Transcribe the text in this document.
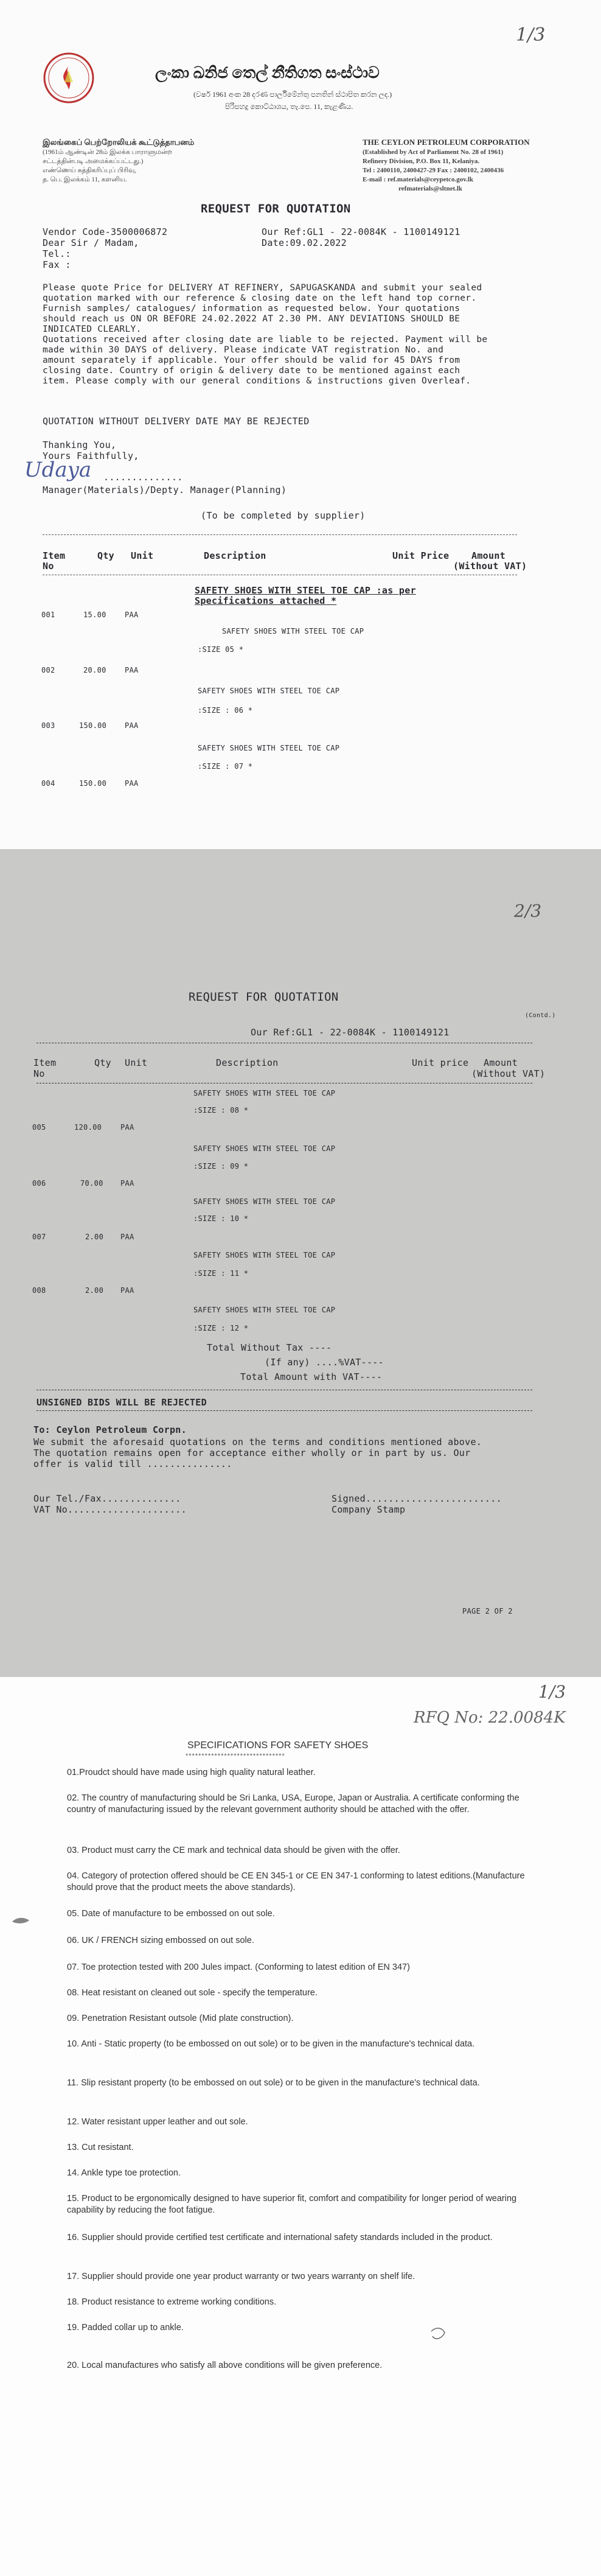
1/3
ලංකා ඛනිජ තෙල් නීතිගත සංස්ථාව
(වර්ෂ 1961 අංක 28 දරණ පාර්ලිමේන්තු පනතින් ස්ථාපිත කරන ලද.)
පිරිපහදු කොට්ඨාශය, තැ.පෙ. 11, කැළණිය.
இலங்கைப் பெற்றோலியக் கூட்டுத்தாபனம்
(1961ம் ஆண்டின் 28ம் இலக்க பாராளுமன்ற
சட்டத்தின்படி அமைக்கப்பட்டது.)
எண்ணெய் சுத்திகரிப்புப் பிரிவு,
த. பெ. இலக்கம் 11, களனிய.
THE CEYLON PETROLEUM CORPORATION
(Established by Act of Parliament No. 28 of 1961)
Refinery Division, P.O. Box 11, Kelaniya.
Tel : 2400110, 2400427-29 Fax : 2400102, 2400436
E-mail : ref.materials@ceypetco.gov.lk
refmaterials@sltnet.lk
REQUEST FOR QUOTATION
Vendor Code-3500006872	Our Ref:GL1 - 22-0084K - 1100149121
Dear Sir / Madam,	Date:09.02.2022
Tel.:
Fax :
Please quote Price for DELIVERY AT REFINERY, SAPUGASKANDA and submit your sealed
quotation marked with our reference & closing date on the left hand top corner.
Furnish samples/ catalogues/ information as requested below. Your quotations
should reach us ON OR BEFORE 24.02.2022 AT 2.30 PM. ANY DEVIATIONS SHOULD BE
INDICATED CLEARLY.
Quotations received after closing date are liable to be rejected. Payment will be
made within 30 DAYS of delivery. Please indicate VAT registration No. and
amount separately if applicable. Your offer should be valid for 45 DAYS from
closing date. Country of origin & delivery date to be mentioned against each
item. Please comply with our general conditions & instructions given Overleaf.
QUOTATION WITHOUT DELIVERY DATE MAY BE REJECTED
Thanking You,
Yours Faithfully,
Udaya ..............
Manager(Materials)/Depty. Manager(Planning)
(To be completed by supplier)
Item
No
Qty Unit	Description	Unit Price Amount
(Without VAT)
SAFETY SHOES WITH STEEL TOE CAP :as per
Specifications attached *
001	15.00	PAA
SAFETY SHOES WITH STEEL TOE CAP
:SIZE 05 *
002	20.00	PAA
SAFETY SHOES WITH STEEL TOE CAP
:SIZE : 06 *
003	150.00 PAA
SAFETY SHOES WITH STEEL TOE CAP
:SIZE : 07 *
004	150.00 PAA
2/3
REQUEST FOR QUOTATION
(Contd.)
Our Ref:GL1 - 22-0084K - 1100149121
Item
No
Qty Unit	Description	Unit price Amount
(Without VAT)
SAFETY SHOES WITH STEEL TOE CAP
:SIZE : 08 *
005	120.00	PAA
SAFETY SHOES WITH STEEL TOE CAP
:SIZE : 09 *
006	70.00 PAA
SAFETY SHOES WITH STEEL TOE CAP
:SIZE : 10 *
007	2.00 PAA
SAFETY SHOES WITH STEEL TOE CAP
:SIZE : 11 *
008	2.00 PAA
SAFETY SHOES WITH STEEL TOE CAP
:SIZE : 12 *
Total Without Tax ----
(If any) ....%VAT----
Total Amount with VAT----
UNSIGNED BIDS WILL BE REJECTED
To: Ceylon Petroleum Corpn.
We submit the aforesaid quotations on the terms and conditions mentioned above.
The quotation remains open for acceptance either wholly or in part by us. Our
offer is valid till ...............
Our Tel./Fax..............
VAT No.....................
Signed........................
Company Stamp
PAGE 2 OF 2
1/3
RFQ No: 22.0084K
SPECIFICATIONS FOR SAFETY SHOES
*******************************
01.Proudct should have made using high quality natural leather.
02. The country of manufacturing should be Sri Lanka, USA, Europe, Japan or Australia. A certificate conforming the country of manufacturing issued by the relevant government authority should be attached with the offer.
03. Product must carry the CE mark and technical data should be given with the offer.
04. Category of protection offered should be CE EN 345-1 or CE EN 347-1 conforming to latest editions.(Manufacture should prove that the product meets the above standards).
05. Date of manufacture to be embossed on out sole.
06. UK / FRENCH sizing embossed on out sole.
07. Toe protection tested with 200 Jules impact. (Conforming to latest edition of EN 347)
08. Heat resistant on cleaned out sole - specify the temperature.
09. Penetration Resistant outsole (Mid plate construction).
10. Anti - Static property (to be embossed on out sole) or to be given in the manufacture's technical data.
11. Slip resistant property (to be embossed on out sole) or to be given in the manufacture's technical data.
12. Water resistant upper leather and out sole.
13. Cut resistant.
14. Ankle type toe protection.
15. Product to be ergonomically designed to have superior fit, comfort and compatibility for longer period of wearing capability by reducing the foot fatigue.
16. Supplier should provide certified test certificate and international safety standards included in the product.
17. Supplier should provide one year product warranty or two years warranty on shelf life.
18. Product resistance to extreme working conditions.
19. Padded collar up to ankle.
20. Local manufactures who satisfy all above conditions will be given preference.
